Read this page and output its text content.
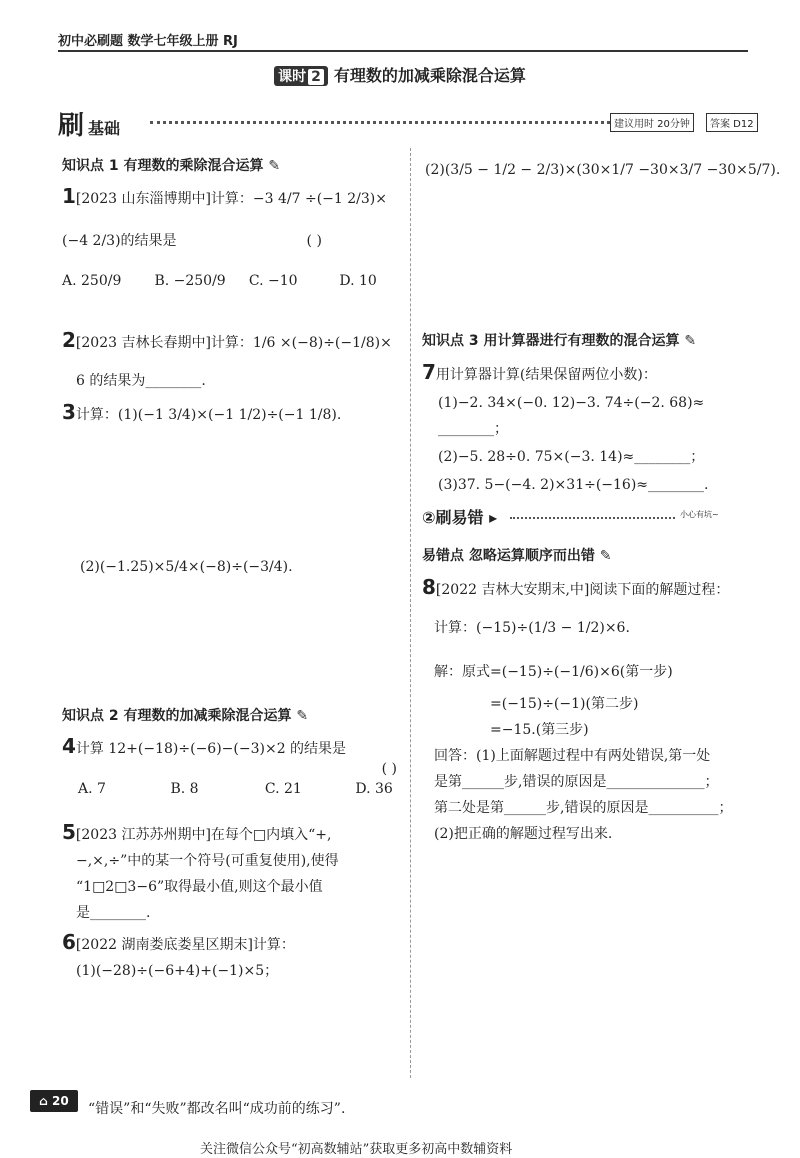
初中必刷题 数学七年级上册 RJ
课时 2 有理数的加减乘除混合运算
刷基础	建议用时 20分钟	答案 D12
知识点 1 有理数的乘除混合运算 ✎
1[2023 山东淄博期中]计算：−3 4/7 ÷(−1 2/3)×
(−4 2/3)的结果是	( )
A. 250/9 B. −250/9 C. −10	D. 10
2[2023 吉林长春期中]计算：1/6 ×(−8)÷(−1/8)×
6 的结果为________.
3计算：(1)(−1 3/4)×(−1 1/2)÷(−1 1/8).
(2)(−1.25)×5/4×(−8)÷(−3/4).
知识点 2 有理数的加减乘除混合运算 ✎
4计算 12+(−18)÷(−6)−(−3)×2 的结果是
( )
A. 7	B. 8	C. 21	D. 36
5[2023 江苏苏州期中]在每个□内填入“+,
−,×,÷”中的某一个符号(可重复使用),使得
“1□2□3−6”取得最小值,则这个最小值
是________.
6[2022 湖南娄底娄星区期末]计算：
(1)(−28)÷(−6+4)+(−1)×5；
(2)(3/5 − 1/2 − 2/3)×(30×1/7 −30×3/7 −30×5/7).
知识点 3 用计算器进行有理数的混合运算 ✎
7用计算器计算(结果保留两位小数)：
(1)−2. 34×(−0. 12)−3. 74÷(−2. 68)≈
________；
(2)−5. 28÷0. 75×(−3. 14)≈________；
(3)37. 5−(−4. 2)×31÷(−16)≈________.
②刷易错 ▸	小心有坑~
易错点 忽略运算顺序而出错 ✎
8[2022 吉林大安期末,中]阅读下面的解题过程：
计算：(−15)÷(1/3 − 1/2)×6.
解：原式=(−15)÷(−1/6)×6(第一步)
=(−15)÷(−1)(第二步)
=−15.(第三步)
回答：(1)上面解题过程中有两处错误,第一处
是第______步,错误的原因是______________；
第二处是第______步,错误的原因是__________；
(2)把正确的解题过程写出来.
⌂ 20	“错误”和“失败”都改名叫“成功前的练习”.
关注微信公众号“初高数辅站”获取更多初高中数辅资料
